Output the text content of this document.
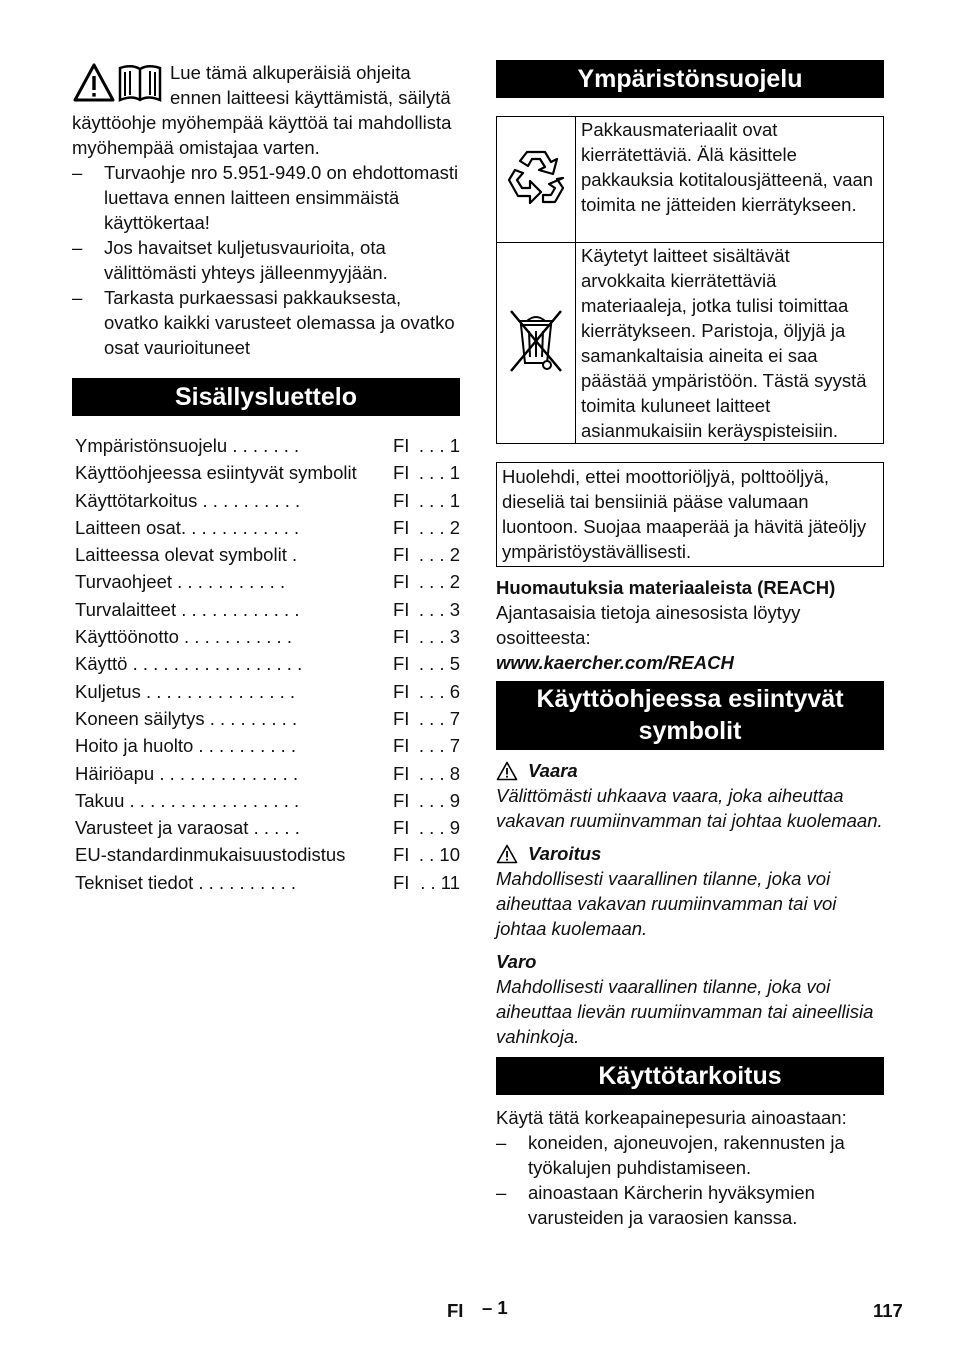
Lue tämä alkuperäisiä ohjeita ennen laitteesi käyttämistä, säilytä käyttöohje myöhempää käyttöä tai mahdollista myöhempää omistajaa varten.

– Turvaohje nro 5.951-949.0 on ehdottomasti luettava ennen laitteen ensimmäistä käyttökertaa!
– Jos havaitset kuljetusvaurioita, ota välittömästi yhteys jälleenmyyjään.
– Tarkasta purkaessasi pakkauksesta, ovatko kaikki varusteet olemassa ja ovatko osat vaurioituneet
Sisällysluettelo
Ympäristönsuojelu . . . . . . .	FI . . . 1
Käyttöohjeessa esiintyvät symbolit	FI . . . 1
Käyttötarkoitus . . . . . . . . . .	FI . . . 1
Laitteen osat. . . . . . . . . . . .	FI . . . 2
Laitteessa olevat symbolit .	FI . . . 2
Turvaohjeet . . . . . . . . . . .	FI . . . 2
Turvalaitteet . . . . . . . . . . . .	FI . . . 3
Käyttöönotto . . . . . . . . . . .	FI . . . 3
Käyttö . . . . . . . . . . . . . . . . .	FI . . . 5
Kuljetus . . . . . . . . . . . . . . .	FI . . . 6
Koneen säilytys . . . . . . . . .	FI . . . 7
Hoito ja huolto . . . . . . . . . .	FI . . . 7
Häiriöapu . . . . . . . . . . . . . .	FI . . . 8
Takuu . . . . . . . . . . . . . . . . .	FI . . . 9
Varusteet ja varaosat . . . . .	FI . . . 9
EU-standardinmukaisuustodistus	FI . . 10
Tekniset tiedot . . . . . . . . . .	FI . . 11
Ympäristönsuojelu
	Pakkausmateriaalit ovat kierrätettäviä. Älä käsittele pakkauksia kotitalousjätteenä, vaan toimita ne jätteiden kierrätykseen.
	Käytetyt laitteet sisältävät arvokkaita kierrätettäviä materiaaleja, jotka tulisi toimittaa kierrätykseen. Paristoja, öljyjä ja samankaltaisia aineita ei saa päästää ympäristöön. Tästä syystä toimita kuluneet laitteet asianmukaisiin keräyspisteisiin.
Huolehdi, ettei moottoriöljyä, polttoöljyä, dieseliä tai bensiiniä pääse valumaan luontoon. Suojaa maaperää ja hävitä jäteöljy ympäristöystävällisesti.
Huomautuksia materiaaleista (REACH)
Ajantasaisia tietoja ainesosista löytyy osoitteesta:
www.kaercher.com/REACH
Käyttöohjeessa esiintyvät symbolit
Vaara
Välittömästi uhkaava vaara, joka aiheuttaa vakavan ruumiinvamman tai johtaa kuolemaan.
Varoitus
Mahdollisesti vaarallinen tilanne, joka voi aiheuttaa vakavan ruumiinvamman tai voi johtaa kuolemaan.
Varo
Mahdollisesti vaarallinen tilanne, joka voi aiheuttaa lievän ruumiinvamman tai aineellisia vahinkoja.
Käyttötarkoitus
Käytä tätä korkeapainepesuria ainoastaan:
– koneiden, ajoneuvojen, rakennusten ja työkalujen puhdistamiseen.
– ainoastaan Kärcherin hyväksymien varusteiden ja varaosien kanssa.
FI – 1	117
